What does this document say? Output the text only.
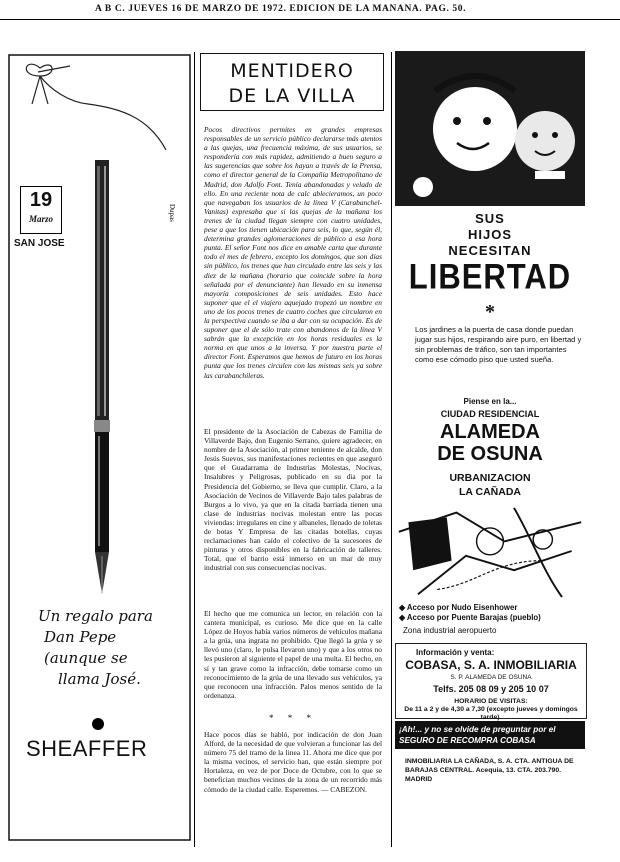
A B C. JUEVES 16 DE MARZO DE 1972. EDICION DE LA MAÑANA. PAG. 50.
19
Marzo
SAN JOSE
Dupas
Un regalo para
Dan Pepe
(aunque se
llama José.
SHEAFFER
MENTIDERO
DE LA VILLA
Pocos directivos permites en grandes empresas responsables de un servicio público declararse más atentos a las quejas, una frecuencia máxima, de sus usuarios, se respondería con más rapidez, admitiendo a buen seguro a las sugerencias que sobre los hayan a través de la Prensa, como el director general de la Compañía Metropolitano de Madrid, don Adolfo Font. Tenía abandonadas y velado de ello. En una reciente nota de calc ablecieramos, un poco que navegaban los usuarios de la línea V (Carabanchel-Vanitas) expresaba que si las quejas de la mañana los trenes de la ciudad llegan siempre con cuatro unidades, pese a que los tienen ubicación para seis, lo que, según él, determina grandes aglomeraciones de público a esa hora punta. El señor Font nos dice en amable carta que durante todo el mes de febrero, excepto los domingos, que son días sin público, los trenes que han circulado entre las seis y las diez de la mañana (horario que coincide sobre la hora señalada por el denunciante) han llevado en su inmensa mayoría composiciones de seis unidades. Esto hace suponer que el el viajero aquejado tropezó un nombre en uno de los pocos trenes de cuatro coches que circularon en la perspectiva cuando se iba a dar con su ocupación. Es de suponer que el de sólo trate con abandonos de la línea V sabrán que la excepción en los horas residuales es la norma en que unos a la inversa. Y por nuestra parte el director Font. Esperamos que hemos de futuro en los horas punta que los trenes circulen con las mismas seis ya sobre las carabanchileras.
El presidente de la Asociación de Cabezas de Familia de Villaverde Bajo, don Eugenio Serrano, quiere agradecer, en nombre de la Asociación, al primer teniente de alcalde, don Jesús Suevos, sus manifestaciones recientes en que aseguró que el Guadarrama de Industrias Molestas, Nocivas, Insalubres y Peligrosas, publicado en su día por la Presidencia del Gobierno, se lleva que cumplir. Claro, a la Asociación de Vecinos de Villaverde Bajo tales palabras de Burgos a lo vivo, ya que en la citada barriada tienen una clase de industrias nocivas molestan entre las pocas viviendas: irregulares en cine y albaneles, llenado de toletas de botas Y Empresa de las citadas botellas, cuyas reclamaciones han caído el colectivo de la sucesores de pinturas y otros disponibles en la fabricación de talleres. Total, que el barrio está inmerso en un mar de muy industrial con sus consecuencias nocivas.
El hecho que me comunica un lector, en relación con la cantera municipal, es curioso. Me dice que en la calle López de Hoyos había varios números de vehículos mañana a la grúa, una ingrata no prohibido. Que llegó la grúa y se llevó uno (claro, le pulsa llevaron uno) y que a los otros no les pusieron al siguiente el papel de una multa. El hecho, en sí y tan grave como la infracción, debe tomarse como un reconocimiento de la grúa de una llevado sus vehículos, ya que reconocen una infracción. Palos menos sentido de la ordenanza.
* * *
Hace pocos días se habló, por indicación de don Juan Alford, de la necesidad de que volvieran a funcionar las del número 75 del tramo de la linea 11. Ahora me dice que por la misma vecinos, el servicio han, que están siempre por Hortaleza, en vez de por Doce de Octubre, con lo que se benefician muchos vecinos de la zona de un recorrido más cómodo de la ciudad calle. Esperemos. — CABEZON.
SUS
HIJOS
NECESITAN
LIBERTAD
*
Los jardines a la puerta de casa donde puedan jugar sus hijos, respirando aire puro, en libertad y sin problemas de tráfico, son tan importantes como ese cómodo piso que usted sueña.
Piense en la...
CIUDAD RESIDENCIAL
ALAMEDA
DE OSUNA
URBANIZACION
LA CAÑADA
◆ Acceso por Nudo Eisenhower
◆ Acceso por Puente Barajas (pueblo)
Zona industrial aeropuerto
Información y venta:
COBASA, S. A. INMOBILIARIA
S. P. ALAMEDA DE OSUNA
Telfs. 205 08 09 y 205 10 07
HORARIO DE VISITAS:
De 11 a 2 y de 4,30 a 7,30 (excepto jueves y domingos tarde).
¡Ah!... y no se olvide de preguntar por el SEGURO DE RECOMPRA COBASA
INMOBILIARIA LA CAÑADA, S. A. CTA. ANTIGUA DE BARAJAS CENTRAL. Acequia, 13. CTA. 203.790. MADRID
